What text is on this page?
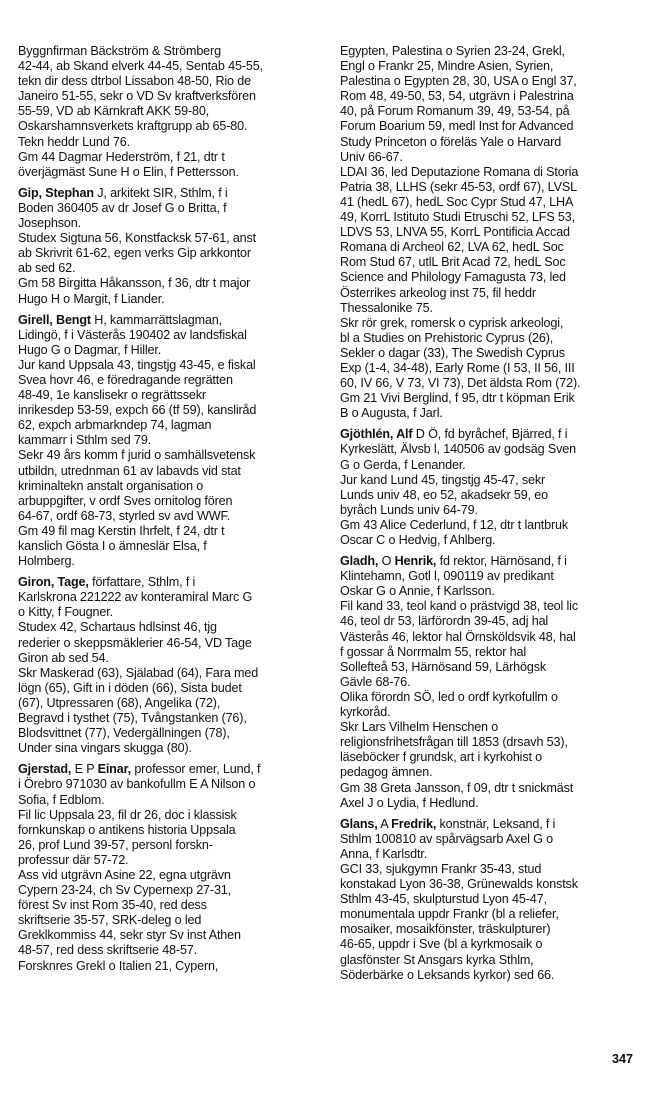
Byggnfirman Bäckström & Strömberg
42-44, ab Skand elverk 44-45, Sentab 45-55,
tekn dir dess dtrbol Lissabon 48-50, Rio de
Janeiro 51-55, sekr o VD Sv kraftverksfören
55-59, VD ab Kärnkraft AKK 59-80,
Oskarshamnsverkets kraftgrupp ab 65-80.
Tekn heddr Lund 76.
Gm 44 Dagmar Hederström, f 21, dtr t
överjägmäst Sune H o Elin, f Pettersson.
Gip, Stephan J, arkitekt SIR, Sthlm, f i
Boden 360405 av dr Josef G o Britta, f
Josephson.
Studex Sigtuna 56, Konstfacksk 57-61, anst
ab Skrivrit 61-62, egen verks Gip arkkontor
ab sed 62.
Gm 58 Birgitta Håkansson, f 36, dtr t major
Hugo H o Margit, f Liander.
Girell, Bengt H, kammarrättslagman,
Lidingö, f i Västerås 190402 av landsfiskal
Hugo G o Dagmar, f Hiller.
Jur kand Uppsala 43, tingstjg 43-45, e fiskal
Svea hovr 46, e föredragande regrätten
48-49, 1e kanslisekr o regrättssekr
inrikesdep 53-59, expch 66 (tf 59), kansliråd
62, expch arbmarkndep 74, lagman
kammarr i Sthlm sed 79.
Sekr 49 års komm f jurid o samhällsvetensk
utbildn, utrednman 61 av labavds vid stat
kriminaltekn anstalt organisation o
arbuppgifter, v ordf Sves ornitolog fören
64-67, ordf 68-73, styrled sv avd WWF.
Gm 49 fil mag Kerstin Ihrfelt, f 24, dtr t
kanslich Gösta I o ämneslär Elsa, f
Holmberg.
Giron, Tage, författare, Sthlm, f i
Karlskrona 221222 av konteramiral Marc G
o Kitty, f Fougner.
Studex 42, Schartaus hdlsinst 46, tjg
rederier o skeppsmäklerier 46-54, VD Tage
Giron ab sed 54.
Skr Maskerad (63), Själabad (64), Fara med
lögn (65), Gift in i döden (66), Sista budet
(67), Utpressaren (68), Angelika (72),
Begravd i tysthet (75), Tvångstanken (76),
Blodsvittnet (77), Vedergällningen (78),
Under sina vingars skugga (80).
Gjerstad, E P Einar, professor emer, Lund, f
i Örebro 971030 av bankofullm E A Nilson o
Sofia, f Edblom.
Fil lic Uppsala 23, fil dr 26, doc i klassisk
fornkunskap o antikens historia Uppsala
26, prof Lund 39-57, personl forskn-
professur där 57-72.
Ass vid utgrävn Asine 22, egna utgrävn
Cypern 23-24, ch Sv Cypernexp 27-31,
förest Sv inst Rom 35-40, red dess
skriftserie 35-57, SRK-deleg o led
Greklkommiss 44, sekr styr Sv inst Athen
48-57, red dess skriftserie 48-57.
Forsknres Grekl o Italien 21, Cypern,
Egypten, Palestina o Syrien 23-24, Grekl,
Engl o Frankr 25, Mindre Asien, Syrien,
Palestina o Egypten 28, 30, USA o Engl 37,
Rom 48, 49-50, 53, 54, utgrävn i Palestrina
40, på Forum Romanum 39, 49, 53-54, på
Forum Boarium 59, medl Inst for Advanced
Study Princeton o föreläs Yale o Harvard
Univ 66-67.
LDAI 36, led Deputazione Romana di Storia
Patria 38, LLHS (sekr 45-53, ordf 67), LVSL
41 (hedL 67), hedL Soc Cypr Stud 47, LHA
49, KorrL Istituto Studi Etruschi 52, LFS 53,
LDVS 53, LNVA 55, KorrL Pontificia Accad
Romana di Archeol 62, LVA 62, hedL Soc
Rom Stud 67, utlL Brit Acad 72, hedL Soc
Science and Philology Famagusta 73, led
Österrikes arkeolog inst 75, fil heddr
Thessalonike 75.
Skr rör grek, romersk o cyprisk arkeologi,
bl a Studies on Prehistoric Cyprus (26),
Sekler o dagar (33), The Swedish Cyprus
Exp (1-4, 34-48), Early Rome (I 53, II 56, III
60, IV 66, V 73, VI 73), Det äldsta Rom (72).
Gm 21 Vivi Berglind, f 95, dtr t köpman Erik
B o Augusta, f Jarl.
Gjöthlén, Alf D Ö, fd byråchef, Bjärred, f i
Kyrkeslätt, Älvsb l, 140506 av godsäg Sven
G o Gerda, f Lenander.
Jur kand Lund 45, tingstjg 45-47, sekr
Lunds univ 48, eo 52, akadsekr 59, eo
byråch Lunds univ 64-79.
Gm 43 Alice Cederlund, f 12, dtr t lantbruk
Oscar C o Hedvig, f Ahlberg.
Gladh, O Henrik, fd rektor, Härnösand, f i
Klintehamn, Gotl l, 090119 av predikant
Oskar G o Annie, f Karlsson.
Fil kand 33, teol kand o prästvigd 38, teol lic
46, teol dr 53, lärförordn 39-45, adj hal
Västerås 46, lektor hal Örnsköldsvik 48, hal
f gossar å Norrmalm 55, rektor hal
Sollefteå 53, Härnösand 59, Lärhögsk
Gävle 68-76.
Olika förordn SÖ, led o ordf kyrkofullm o
kyrkoråd.
Skr Lars Vilhelm Henschen o
religionsfrihetsfrågan till 1853 (drsavh 53),
läseböcker f grundsk, art i kyrkohist o
pedagog ämnen.
Gm 38 Greta Jansson, f 09, dtr t snickmäst
Axel J o Lydia, f Hedlund.
Glans, A Fredrik, konstnär, Leksand, f i
Sthlm 100810 av spårvägsarb Axel G o
Anna, f Karlsdtr.
GCI 33, sjukgymn Frankr 35-43, stud
konstakad Lyon 36-38, Grünewalds konstsk
Sthlm 43-45, skulpturstud Lyon 45-47,
monumentala uppdr Frankr (bl a reliefer,
mosaiker, mosaikfönster, träskulpturer)
46-65, uppdr i Sve (bl a kyrkmosaik o
glasfönster St Ansgars kyrka Sthlm,
Söderbärke o Leksands kyrkor) sed 66.
347
